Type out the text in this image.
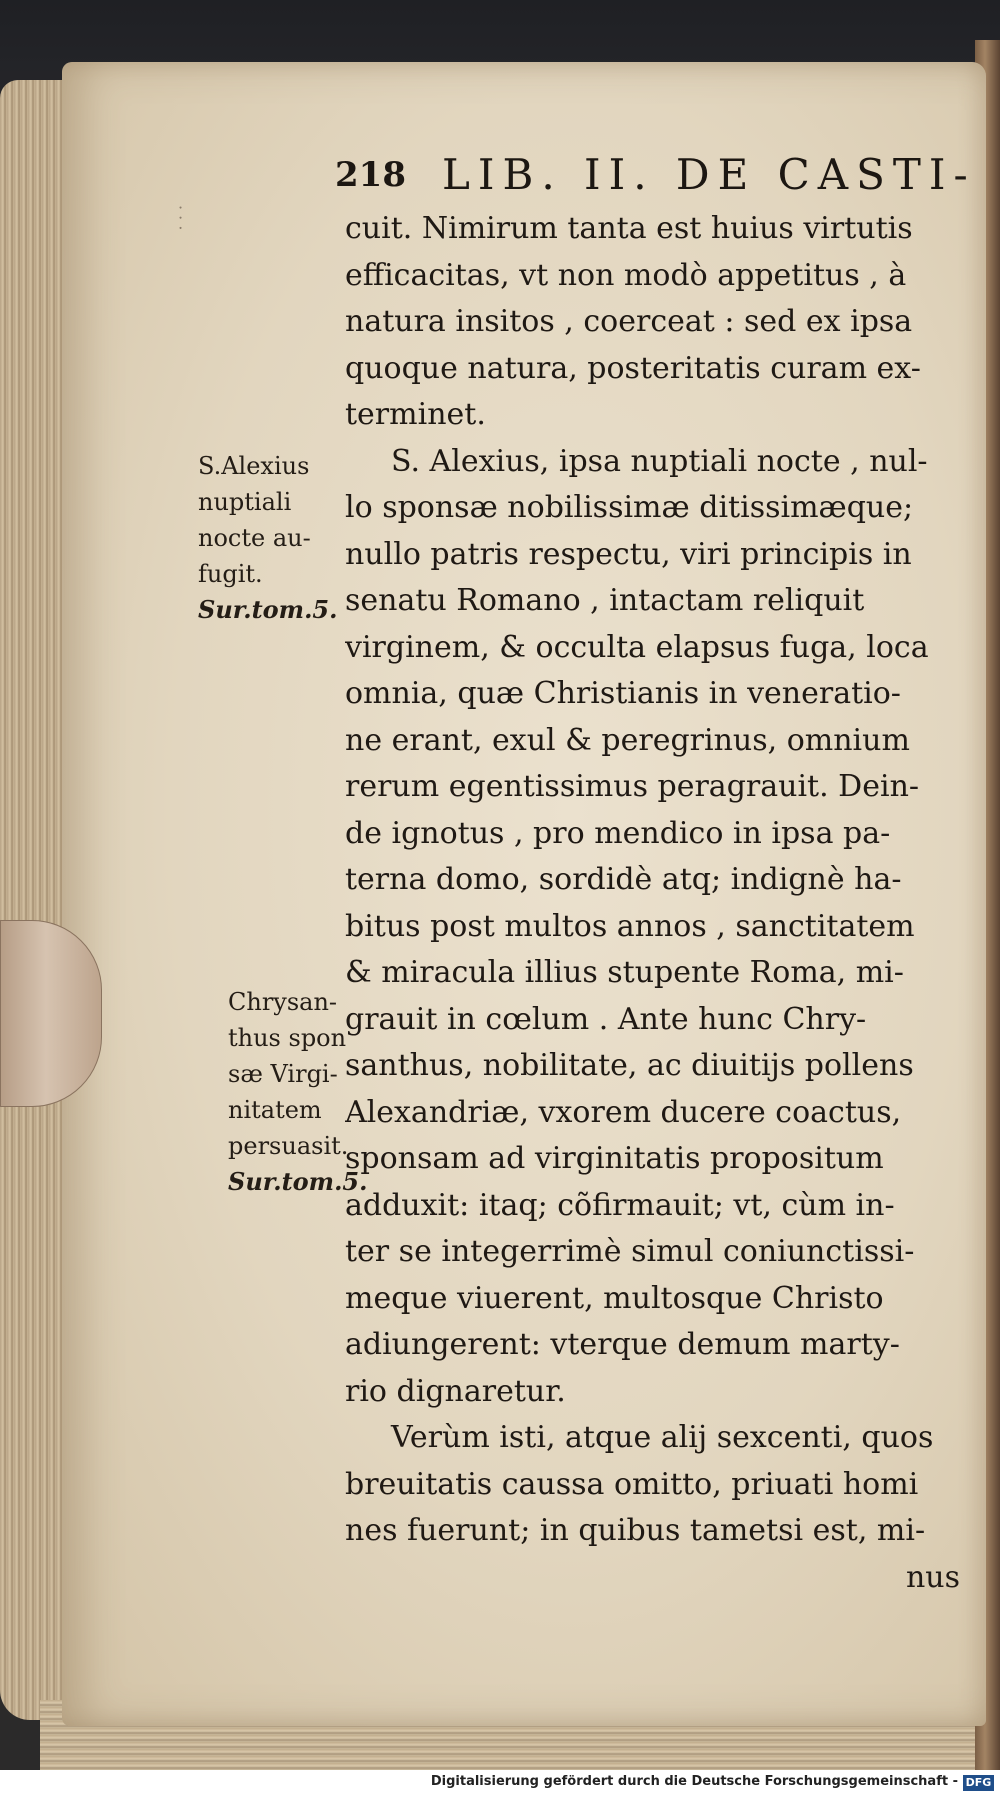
· · ·
218 LIB. II. DE CASTI-
cuit. Nimirum tanta est huius virtutis
efficacitas, vt non modò appetitus , à
natura insitos , coerceat : sed ex ipsa
quoque natura, posteritatis curam ex-
terminet.
S. Alexius, ipsa nuptiali nocte , nul-
lo sponsæ nobilissimæ ditissimæque;
nullo patris respectu, viri principis in
senatu Romano , intactam reliquit
virginem, & occulta elapsus fuga, loca
omnia, quæ Christianis in veneratio-
ne erant, exul & peregrinus, omnium
rerum egentissimus peragrauit. Dein-
de ignotus , pro mendico in ipsa pa-
terna domo, sordidè atq; indignè ha-
bitus post multos annos , sanctitatem
& miracula illius stupente Roma, mi-
grauit in cœlum . Ante hunc Chry-
santhus, nobilitate, ac diuitijs pollens
Alexandriæ, vxorem ducere coactus,
sponsam ad virginitatis propositum
adduxit: itaq; cõfirmauit; vt, cùm in-
ter se integerrimè simul coniunctissi-
meque viuerent, multosque Christo
adiungerent: vterque demum marty-
rio dignaretur.
Verùm isti, atque alij sexcenti, quos
breuitatis caussa omitto, priuati homi
nes fuerunt; in quibus tametsi est, mi-
nus
S.Alexius
nuptiali
nocte au-
fugit.
Sur.tom.5.
Chrysan-
thus spon
sæ Virgi-
nitatem
persuasit.
Sur.tom.5.
Digitalisierung gefördert durch die Deutsche Forschungsgemeinschaft - DFG
